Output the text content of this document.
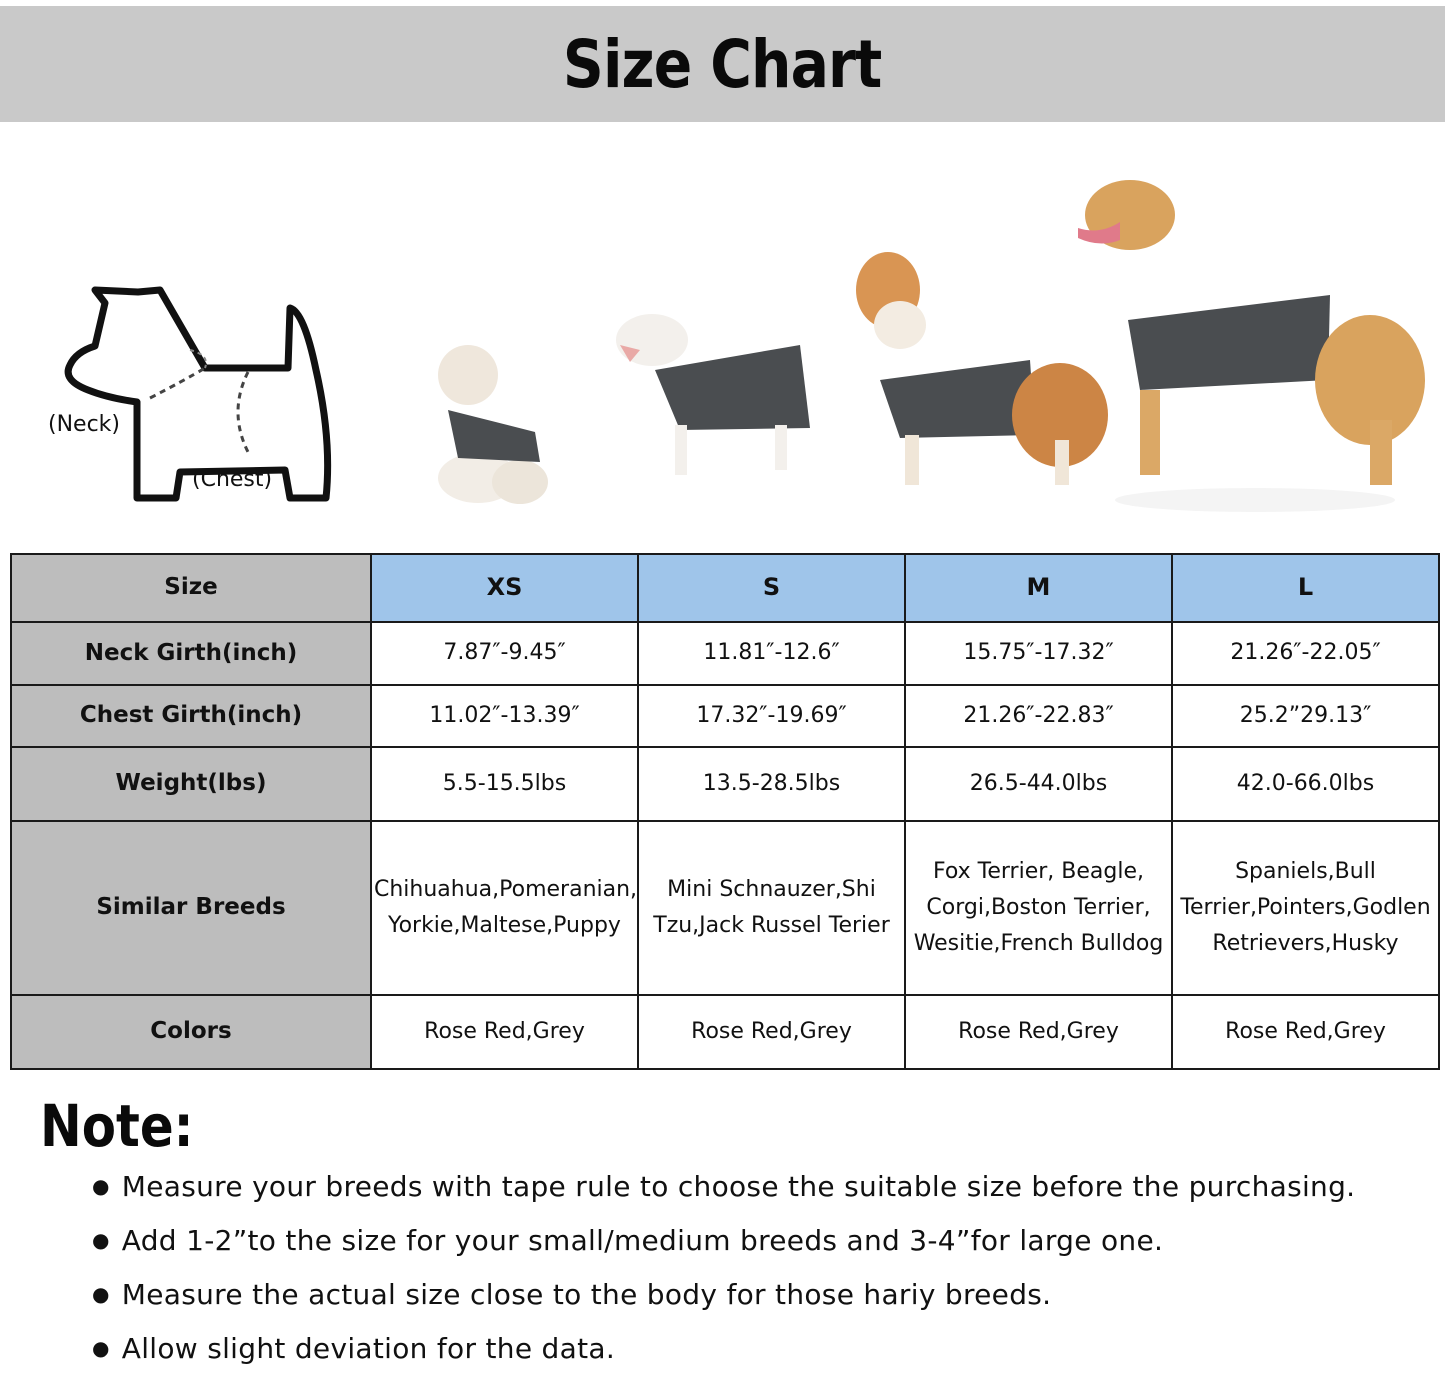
Size Chart
(Neck)
(Chest)
Size	XS	S	M	L
Neck Girth(inch)	7.87″-9.45″	11.81″-12.6″	15.75″-17.32″	21.26″-22.05″
Chest Girth(inch)	11.02″-13.39″	17.32″-19.69″	21.26″-22.83″	25.2”29.13″
Weight(lbs)	5.5-15.5lbs	13.5-28.5lbs	26.5-44.0lbs	42.0-66.0lbs
Similar Breeds	Chihuahua,Pomeranian, Yorkie,Maltese,Puppy	Mini Schnauzer,Shi Tzu,Jack Russel Terier	Fox Terrier, Beagle, Corgi,Boston Terrier, Wesitie,French Bulldog	Spaniels,Bull Terrier,Pointers,Godlen Retrievers,Husky
Colors	Rose Red,Grey	Rose Red,Grey	Rose Red,Grey	Rose Red,Grey
Note:
● Measure your breeds with tape rule to choose the suitable size before the purchasing.
● Add 1-2”to the size for your small/medium breeds and 3-4”for large one.
● Measure the actual size close to the body for those hariy breeds.
● Allow slight deviation for the data.
